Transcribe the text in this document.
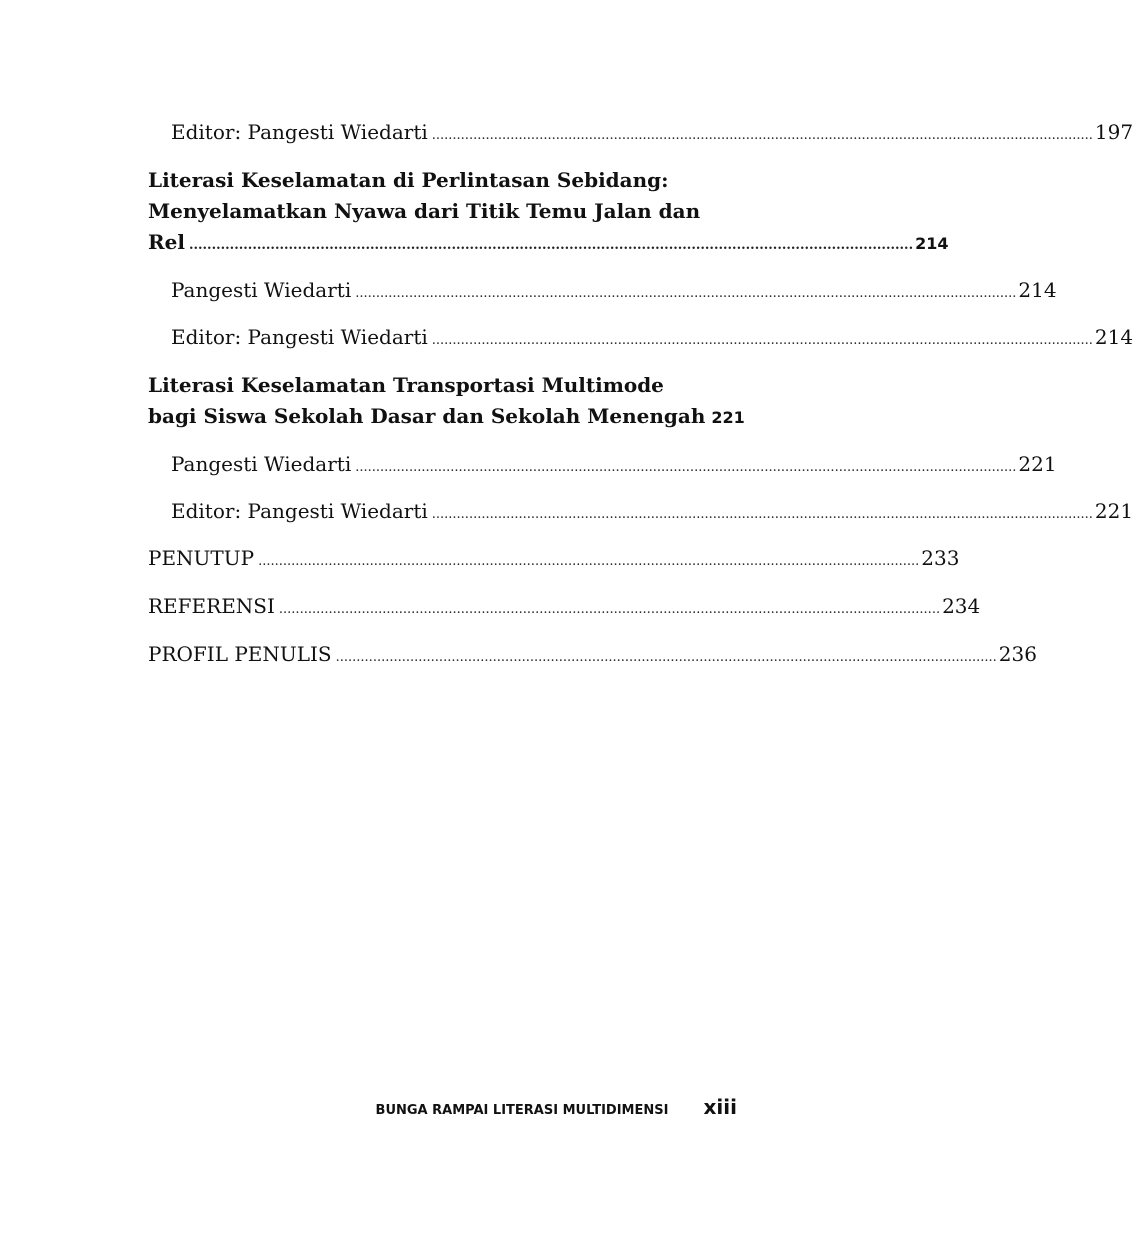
Editor: Pangesti Wiedarti ................................................................................................................................................................ 197
Literasi Keselamatan di Perlintasan Sebidang:
Menyelamatkan Nyawa dari Titik Temu Jalan dan
Rel ................................................................................................................................................................ 214
Pangesti Wiedarti ................................................................................................................................................................ 214
Editor: Pangesti Wiedarti ................................................................................................................................................................ 214
Literasi Keselamatan Transportasi Multimode
bagi Siswa Sekolah Dasar dan Sekolah Menengah 221
Pangesti Wiedarti ................................................................................................................................................................ 221
Editor: Pangesti Wiedarti ................................................................................................................................................................ 221
PENUTUP ................................................................................................................................................................ 233
REFERENSI ................................................................................................................................................................ 234
PROFIL PENULIS ................................................................................................................................................................ 236
BUNGA RAMPAI LITERASI MULTIDIMENSI xiii
